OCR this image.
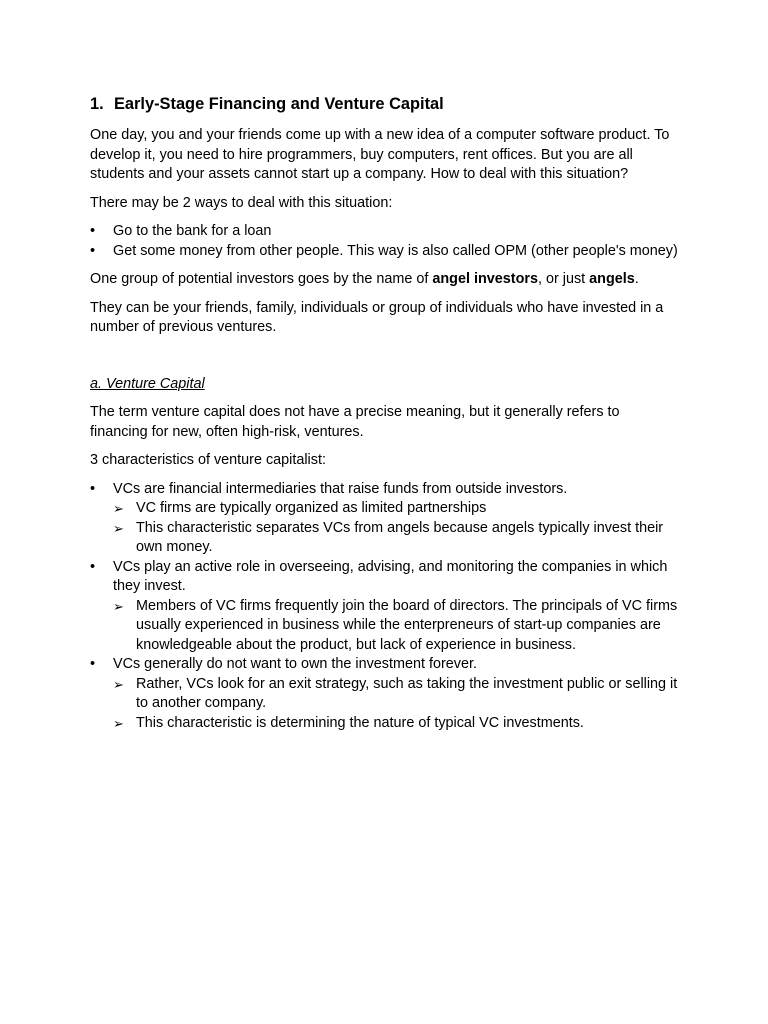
1. Early-Stage Financing and Venture Capital

One day, you and your friends come up with a new idea of a computer software product. To develop it, you need to hire programmers, buy computers, rent offices. But you are all students and your assets cannot start up a company. How to deal with this situation?

There may be 2 ways to deal with this situation:

•	Go to the bank for a loan
•	Get some money from other people. This way is also called OPM (other people's money)

One group of potential investors goes by the name of angel investors, or just angels.

They can be your friends, family, individuals or group of individuals who have invested in a number of previous ventures.

a. Venture Capital

The term venture capital does not have a precise meaning, but it generally refers to financing for new, often high-risk, ventures.

3 characteristics of venture capitalist:

•	VCs are financial intermediaries that raise funds from outside investors.
➢ VC firms are typically organized as limited partnerships
➢ This characteristic separates VCs from angels because angels typically invest their own money.
•	VCs play an active role in overseeing, advising, and monitoring the companies in which they invest.
➢ Members of VC firms frequently join the board of directors. The principals of VC firms usually experienced in business while the enterpreneurs of start-up companies are knowledgeable about the product, but lack of experience in business.
•	VCs generally do not want to own the investment forever.
➢ Rather, VCs look for an exit strategy, such as taking the investment public or selling it to another company.
➢ This characteristic is determining the nature of typical VC investments.
